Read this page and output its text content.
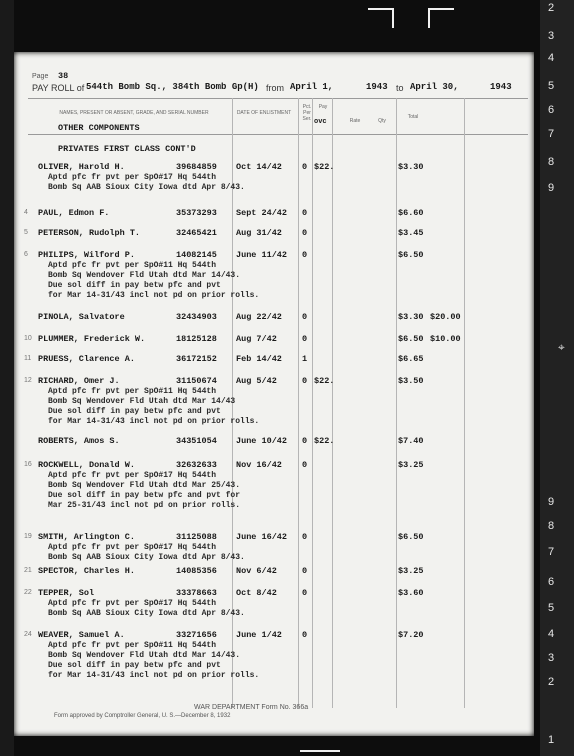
2
3
4
5
6
7
8
9
9
8
7
6
5
4
3
2
1
⌖
Page 38
PAY ROLL of 544th Bomb Sq., 384th Bomb Gp(H) from April 1,	1943 to April 30,	1943
NAMES, PRESENT OR ABSENT, GRADE, AND SERIAL NUMBER	DATE OF ENLISTMENT
Pct. Per Ser.
Pay
ovc	Rate	Qty
Total
OTHER COMPONENTS
PRIVATES FIRST CLASS CONT'D
OLIVER, Harold H.	39684859 Oct 14/42 0 $22.	$3.30
Aptd pfc fr pvt per SpO#17 Hq 544th
Bomb Sq AAB Sioux City Iowa dtd Apr 8/43.
4 PAUL, Edmon F.	35373293 Sept 24/42 0	$6.60
5 PETERSON, Rudolph T.	32465421 Aug 31/42 0	$3.45
6 PHILIPS, Wilford P.	14082145 June 11/42 0	$6.50
Aptd pfc fr pvt per SpO#11 Hq 544th
Bomb Sq Wendover Fld Utah dtd Mar 14/43.
Due sol diff in pay betw pfc and pvt
for Mar 14-31/43 incl not pd on prior rolls.
PINOLA, Salvatore	32434903 Aug 22/42 0	$3.30 $20.00
10 PLUMMER, Frederick W.	18125128 Aug 7/42	0	$6.50 $10.00
11 PRUESS, Clarence A.	36172152 Feb 14/42 1	$6.65
12 RICHARD, Omer J.	31150674 Aug 5/42	0 $22.	$3.50
Aptd pfc fr pvt per SpO#11 Hq 544th
Bomb Sq Wendover Fld Utah dtd Mar 14/43
Due sol diff in pay betw pfc and pvt
for Mar 14-31/43 incl not pd on prior rolls.
ROBERTS, Amos S.	34351054 June 10/42 0 $22.	$7.40
16 ROCKWELL, Donald W.	32632633 Nov 16/42 0	$3.25
Aptd pfc fr pvt per SpO#17 Hq 544th
Bomb Sq Wendover Fld Utah dtd Mar 25/43.
Due sol diff in pay betw pfc and pvt for
Mar 25-31/43 incl not pd on prior rolls.
19 SMITH, Arlington C.	31125088 June 16/42 0	$6.50
Aptd pfc fr pvt per SpO#17 Hq 544th
Bomb Sq AAB Sioux City Iowa dtd Apr 8/43.
21 SPECTOR, Charles H.	14085356 Nov 6/42	0	$3.25
22 TEPPER, Sol	33378663 Oct 8/42	0	$3.60
Aptd pfc fr pvt per SpO#17 Hq 544th
Bomb Sq AAB Sioux City Iowa dtd Apr 8/43.
24 WEAVER, Samuel A.	33271656 June 1/42 0	$7.20
Aptd pfc fr pvt per SpO#11 Hq 544th
Bomb Sq Wendover Fld Utah dtd Mar 14/43.
Due sol diff in pay betw pfc and pvt
for Mar 14-31/43 incl not pd on prior rolls.
WAR DEPARTMENT Form No. 366a
Form approved by Comptroller General, U. S.—December 8, 1932
